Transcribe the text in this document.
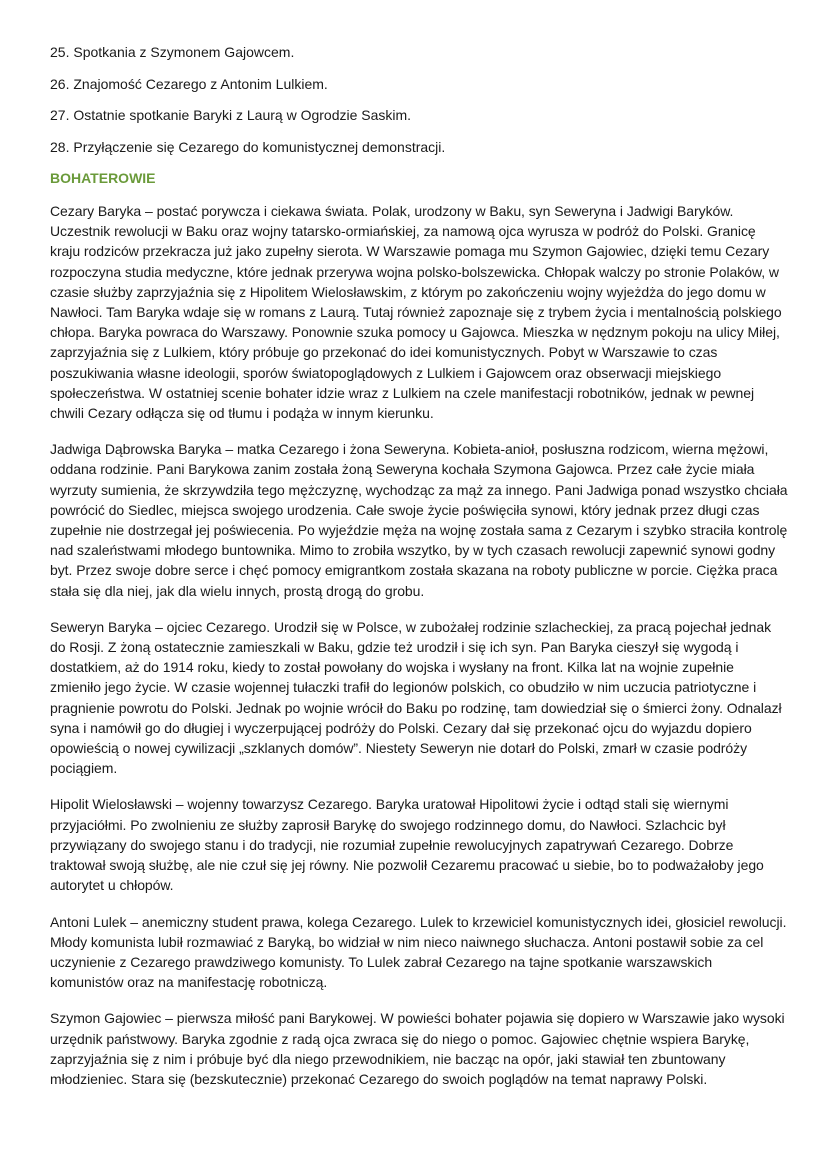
25. Spotkania z Szymonem Gajowcem.

26. Znajomość Cezarego z Antonim Lulkiem.

27. Ostatnie spotkanie Baryki z Laurą w Ogrodzie Saskim.

28. Przyłączenie się Cezarego do komunistycznej demonstracji.

BOHATEROWIE

Cezary Baryka – postać porywcza i ciekawa świata. Polak, urodzony w Baku, syn Seweryna i Jadwigi Baryków. Uczestnik rewolucji w Baku oraz wojny tatarsko-ormiańskiej, za namową ojca wyrusza w podróż do Polski. Granicę kraju rodziców przekracza już jako zupełny sierota. W Warszawie pomaga mu Szymon Gajowiec, dzięki temu Cezary rozpoczyna studia medyczne, które jednak przerywa wojna polsko-bolszewicka. Chłopak walczy po stronie Polaków, w czasie służby zaprzyjaźnia się z Hipolitem Wielosławskim, z którym po zakończeniu wojny wyjeżdża do jego domu w Nawłoci. Tam Baryka wdaje się w romans z Laurą. Tutaj również zapoznaje się z trybem życia i mentalnością polskiego chłopa. Baryka powraca do Warszawy. Ponownie szuka pomocy u Gajowca. Mieszka w nędznym pokoju na ulicy Miłej, zaprzyjaźnia się z Lulkiem, który próbuje go przekonać do idei komunistycznych. Pobyt w Warszawie to czas poszukiwania własne ideologii, sporów światopoglądowych z Lulkiem i Gajowcem oraz obserwacji miejskiego społeczeństwa. W ostatniej scenie bohater idzie wraz z Lulkiem na czele manifestacji robotników, jednak w pewnej chwili Cezary odłącza się od tłumu i podąża w innym kierunku.

Jadwiga Dąbrowska Baryka – matka Cezarego i żona Seweryna. Kobieta-anioł, posłuszna rodzicom, wierna mężowi, oddana rodzinie. Pani Barykowa zanim została żoną Seweryna kochała Szymona Gajowca. Przez całe życie miała wyrzuty sumienia, że skrzywdziła tego mężczyznę, wychodząc za mąż za innego. Pani Jadwiga ponad wszystko chciała powrócić do Siedlec, miejsca swojego urodzenia. Całe swoje życie poświęciła synowi, który jednak przez długi czas zupełnie nie dostrzegał jej poświecenia. Po wyjeździe męża na wojnę została sama z Cezarym i szybko straciła kontrolę nad szaleństwami młodego buntownika. Mimo to zrobiła wszytko, by w tych czasach rewolucji zapewnić synowi godny byt. Przez swoje dobre serce i chęć pomocy emigrantkom została skazana na roboty publiczne w porcie. Ciężka praca stała się dla niej, jak dla wielu innych, prostą drogą do grobu.

Seweryn Baryka – ojciec Cezarego. Urodził się w Polsce, w zubożałej rodzinie szlacheckiej, za pracą pojechał jednak do Rosji. Z żoną ostatecznie zamieszkali w Baku, gdzie też urodził i się ich syn. Pan Baryka cieszył się wygodą i dostatkiem, aż do 1914 roku, kiedy to został powołany do wojska i wysłany na front. Kilka lat na wojnie zupełnie zmieniło jego życie. W czasie wojennej tułaczki trafił do legionów polskich, co obudziło w nim uczucia patriotyczne i pragnienie powrotu do Polski. Jednak po wojnie wrócił do Baku po rodzinę, tam dowiedział się o śmierci żony. Odnalazł syna i namówił go do długiej i wyczerpującej podróży do Polski. Cezary dał się przekonać ojcu do wyjazdu dopiero opowieścią o nowej cywilizacji „szklanych domów”. Niestety Seweryn nie dotarł do Polski, zmarł w czasie podróży pociągiem.

Hipolit Wielosławski – wojenny towarzysz Cezarego. Baryka uratował Hipolitowi życie i odtąd stali się wiernymi przyjaciółmi. Po zwolnieniu ze służby zaprosił Barykę do swojego rodzinnego domu, do Nawłoci. Szlachcic był przywiązany do swojego stanu i do tradycji, nie rozumiał zupełnie rewolucyjnych zapatrywań Cezarego. Dobrze traktował swoją służbę, ale nie czuł się jej równy. Nie pozwolił Cezaremu pracować u siebie, bo to podważałoby jego autorytet u chłopów.

Antoni Lulek – anemiczny student prawa, kolega Cezarego. Lulek to krzewiciel komunistycznych idei, głosiciel rewolucji. Młody komunista lubił rozmawiać z Baryką, bo widział w nim nieco naiwnego słuchacza. Antoni postawił sobie za cel uczynienie z Cezarego prawdziwego komunisty. To Lulek zabrał Cezarego na tajne spotkanie warszawskich komunistów oraz na manifestację robotniczą.

Szymon Gajowiec – pierwsza miłość pani Barykowej. W powieści bohater pojawia się dopiero w Warszawie jako wysoki urzędnik państwowy. Baryka zgodnie z radą ojca zwraca się do niego o pomoc. Gajowiec chętnie wspiera Barykę, zaprzyjaźnia się z nim i próbuje być dla niego przewodnikiem, nie bacząc na opór, jaki stawiał ten zbuntowany młodzieniec. Stara się (bezskutecznie) przekonać Cezarego do swoich poglądów na temat naprawy Polski.
